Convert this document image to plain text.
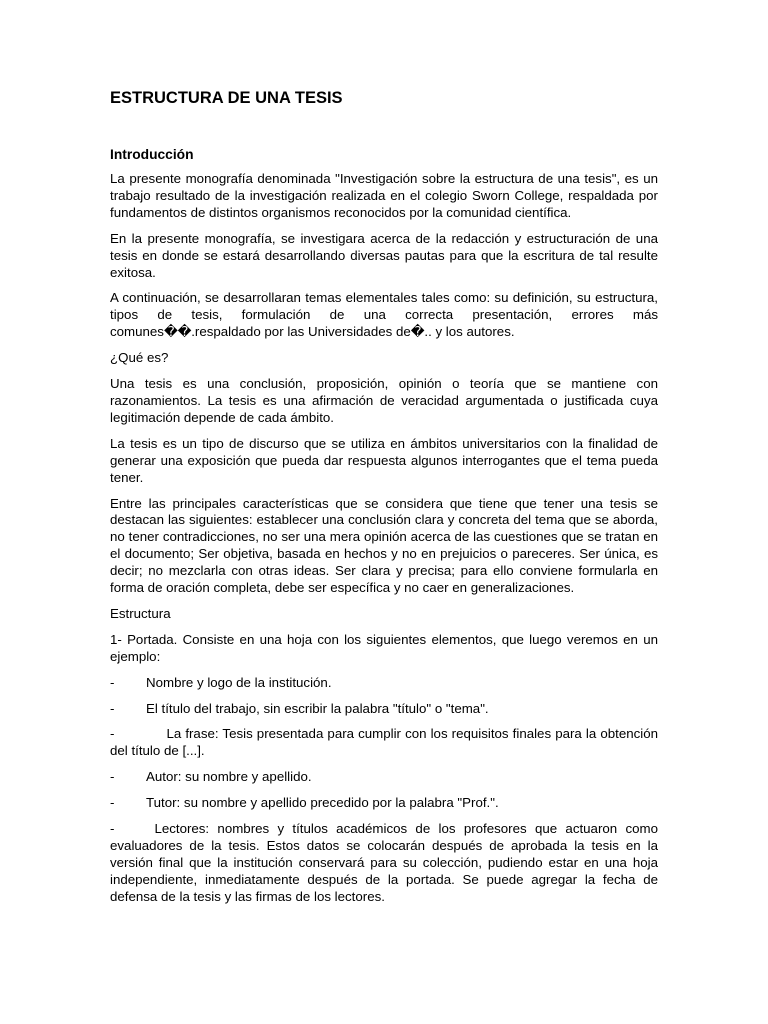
ESTRUCTURA DE UNA TESIS
Introducción
La presente monografía denominada "Investigación sobre la estructura de una tesis", es un trabajo resultado de la investigación realizada en el colegio Sworn College, respaldada por fundamentos de distintos organismos reconocidos por la comunidad científica.
En la presente monografía, se investigara acerca de la redacción y estructuración de una tesis en donde se estará desarrollando diversas pautas para que la escritura de tal resulte exitosa.
A continuación, se desarrollaran temas elementales tales como: su definición, su estructura, tipos de tesis, formulación de una correcta presentación, errores más comunes��.respaldado por las Universidades de�.. y los autores.
¿Qué es?
Una tesis es una conclusión, proposición, opinión o teoría que se mantiene con razonamientos. La tesis es una afirmación de veracidad argumentada o justificada cuya legitimación depende de cada ámbito.
La tesis es un tipo de discurso que se utiliza en ámbitos universitarios con la finalidad de generar una exposición que pueda dar respuesta algunos interrogantes que el tema pueda tener.
Entre las principales características que se considera que tiene que tener una tesis se destacan las siguientes: establecer una conclusión clara y concreta del tema que se aborda, no tener contradicciones, no ser una mera opinión acerca de las cuestiones que se tratan en el documento; Ser objetiva, basada en hechos y no en prejuicios o pareceres. Ser única, es decir; no mezclarla con otras ideas. Ser clara y precisa; para ello conviene formularla en forma de oración completa, debe ser específica y no caer en generalizaciones.
Estructura
1- Portada. Consiste en una hoja con los siguientes elementos, que luego veremos en un ejemplo:
-	Nombre y logo de la institución.
-	El título del trabajo, sin escribir la palabra "título" o "tema".
-	La frase: Tesis presentada para cumplir con los requisitos finales para la obtención del título de [...].
-	Autor: su nombre y apellido.
-	Tutor: su nombre y apellido precedido por la palabra "Prof.".
-	Lectores: nombres y títulos académicos de los profesores que actuaron como evaluadores de la tesis. Estos datos se colocarán después de aprobada la tesis en la versión final que la institución conservará para su colección, pudiendo estar en una hoja independiente, inmediatamente después de la portada. Se puede agregar la fecha de defensa de la tesis y las firmas de los lectores.
